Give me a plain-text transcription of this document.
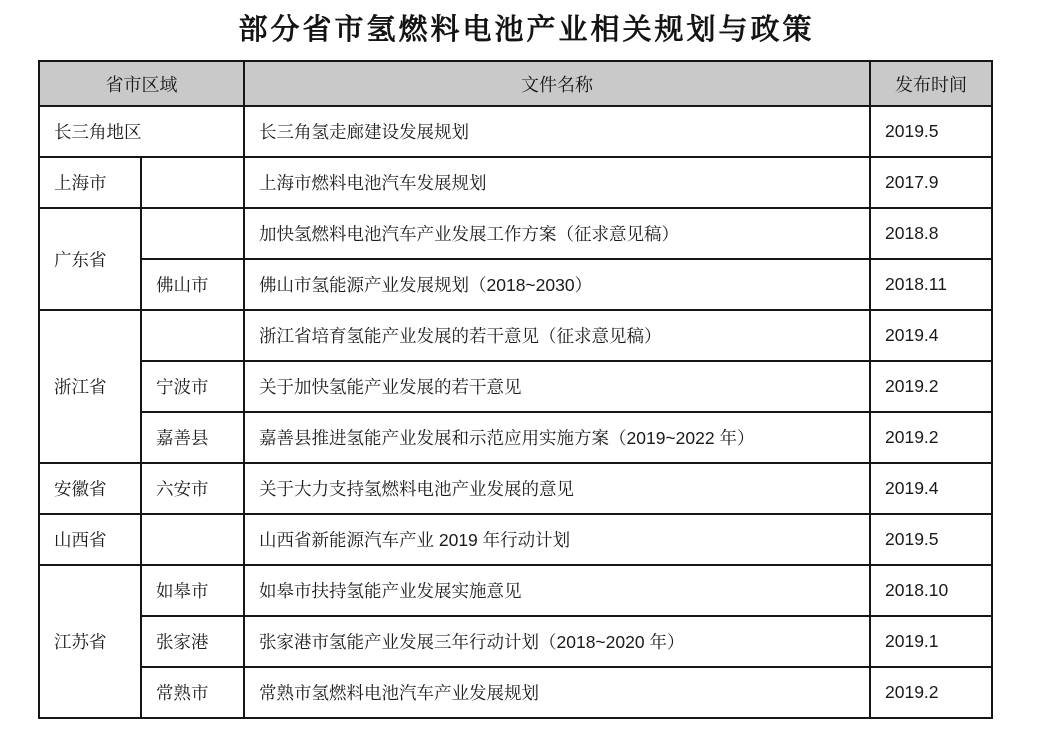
部分省市氢燃料电池产业相关规划与政策
省市区域		文件名称	发布时间
长三角地区		长三角氢走廊建设发展规划	2019.5
上海市		上海市燃料电池汽车发展规划	2017.9
广东省		加快氢燃料电池汽车产业发展工作方案（征求意见稿）	2018.8
	佛山市	佛山市氢能源产业发展规划（2018~2030）	2018.11
浙江省		浙江省培育氢能产业发展的若干意见（征求意见稿）	2019.4
	宁波市	关于加快氢能产业发展的若干意见	2019.2
	嘉善县	嘉善县推进氢能产业发展和示范应用实施方案（2019~2022 年）	2019.2
安徽省	六安市	关于大力支持氢燃料电池产业发展的意见	2019.4
山西省		山西省新能源汽车产业 2019 年行动计划	2019.5
江苏省	如皋市	如皋市扶持氢能产业发展实施意见	2018.10
	张家港	张家港市氢能产业发展三年行动计划（2018~2020 年）	2019.1
	常熟市	常熟市氢燃料电池汽车产业发展规划	2019.2
